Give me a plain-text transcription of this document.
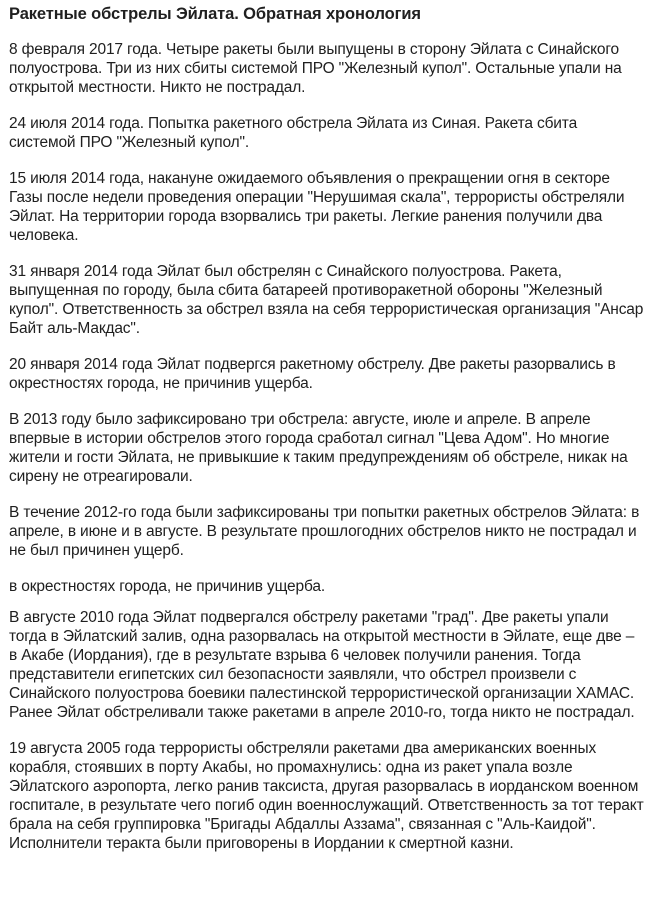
Ракетные обстрелы Эйлата. Обратная хронология
8 февраля 2017 года. Четыре ракеты были выпущены в сторону Эйлата с Синайского полуострова. Три из них сбиты системой ПРО "Железный купол". Остальные упали на открытой местности. Никто не пострадал.
24 июля 2014 года. Попытка ракетного обстрела Эйлата из Синая. Ракета сбита системой ПРО "Железный купол".
15 июля 2014 года, накануне ожидаемого объявления о прекращении огня в секторе Газы после недели проведения операции "Нерушимая скала", террористы обстреляли Эйлат. На территории города взорвались три ракеты. Легкие ранения получили два человека.
31 января 2014 года Эйлат был обстрелян с Синайского полуострова. Ракета, выпущенная по городу, была сбита батареей противоракетной обороны "Железный купол". Ответственность за обстрел взяла на себя террористическая организация "Ансар Байт аль-Макдас".
20 января 2014 года Эйлат подвергся ракетному обстрелу. Две ракеты разорвались в окрестностях города, не причинив ущерба.
В 2013 году было зафиксировано три обстрела: августе, июле и апреле. В апреле впервые в истории обстрелов этого города сработал сигнал "Цева Адом". Но многие жители и гости Эйлата, не привыкшие к таким предупреждениям об обстреле, никак на сирену не отреагировали.
В течение 2012-го года были зафиксированы три попытки ракетных обстрелов Эйлата: в апреле, в июне и в августе. В результате прошлогодних обстрелов никто не пострадал и не был причинен ущерб.
в окрестностях города, не причинив ущерба.
В августе 2010 года Эйлат подвергался обстрелу ракетами "град". Две ракеты упали тогда в Эйлатский залив, одна разорвалась на открытой местности в Эйлате, еще две – в Акабе (Иордания), где в результате взрыва 6 человек получили ранения. Тогда представители египетских сил безопасности заявляли, что обстрел произвели с Синайского полуострова боевики палестинской террористической организации ХАМАС. Ранее Эйлат обстреливали также ракетами в апреле 2010-го, тогда никто не пострадал.
19 августа 2005 года террористы обстреляли ракетами два американских военных корабля, стоявших в порту Акабы, но промахнулись: одна из ракет упала возле Эйлатского аэропорта, легко ранив таксиста, другая разорвалась в иорданском военном госпитале, в результате чего погиб один военнослужащий. Ответственность за тот теракт брала на себя группировка "Бригады Абдаллы Аззама", связанная с "Аль-Каидой". Исполнители теракта были приговорены в Иордании к смертной казни.
